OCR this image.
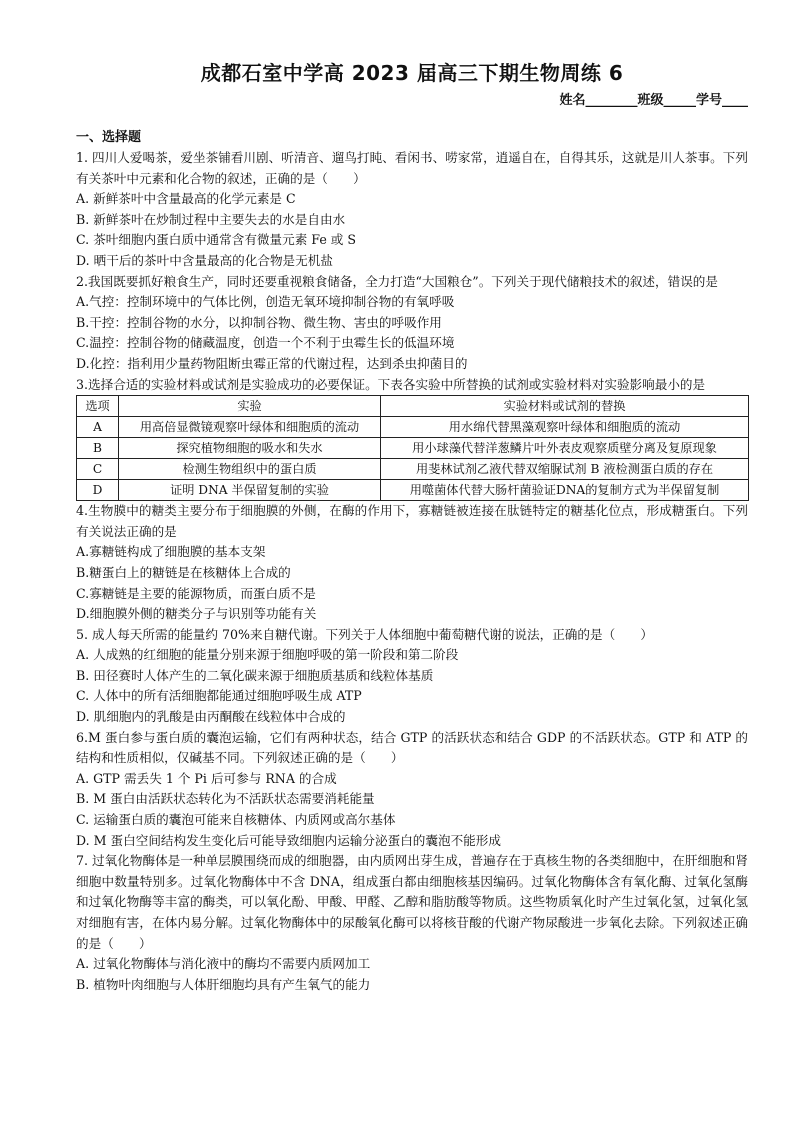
成都石室中学高 2023 届高三下期生物周练 6
姓名________班级_____学号____
一、选择题
1. 四川人爱喝茶，爱坐茶铺看川剧、听清音、遛鸟打盹、看闲书、唠家常，逍遥自在，自得其乐，这就是川人茶事。下列有关茶叶中元素和化合物的叙述，正确的是（　　）
A. 新鲜茶叶中含量最高的化学元素是 C
B. 新鲜茶叶在炒制过程中主要失去的水是自由水
C. 茶叶细胞内蛋白质中通常含有微量元素 Fe 或 S
D. 晒干后的茶叶中含量最高的化合物是无机盐
2.我国既要抓好粮食生产，同时还要重视粮食储备，全力打造“大国粮仓”。下列关于现代储粮技术的叙述，错误的是
A.气控：控制环境中的气体比例，创造无氧环境抑制谷物的有氧呼吸
B.干控：控制谷物的水分，以抑制谷物、微生物、害虫的呼吸作用
C.温控：控制谷物的储藏温度，创造一个不利于虫霉生长的低温环境
D.化控：指利用少量药物阻断虫霉正常的代谢过程，达到杀虫抑菌目的
3.选择合适的实验材料或试剂是实验成功的必要保证。下表各实验中所替换的试剂或实验材料对实验影响最小的是
选项	实验	实验材料或试剂的替换
A	用高倍显微镜观察叶绿体和细胞质的流动	用水绵代替黑藻观察叶绿体和细胞质的流动
B	探究植物细胞的吸水和失水	用小球藻代替洋葱鳞片叶外表皮观察质壁分离及复原现象
C	检测生物组织中的蛋白质	用斐林试剂乙液代替双缩脲试剂 B 液检测蛋白质的存在
D	证明 DNA 半保留复制的实验	用噬菌体代替大肠杆菌验证DNA的复制方式为半保留复制
4.生物膜中的糖类主要分布于细胞膜的外侧，在酶的作用下，寡糖链被连接在肽链特定的糖基化位点，形成糖蛋白。下列有关说法正确的是
A.寡糖链构成了细胞膜的基本支架
B.糖蛋白上的糖链是在核糖体上合成的
C.寡糖链是主要的能源物质，而蛋白质不是
D.细胞膜外侧的糖类分子与识别等功能有关
5. 成人每天所需的能量约 70%来自糖代谢。下列关于人体细胞中葡萄糖代谢的说法，正确的是（　　）
A. 人成熟的红细胞的能量分别来源于细胞呼吸的第一阶段和第二阶段
B. 田径赛时人体产生的二氧化碳来源于细胞质基质和线粒体基质
C. 人体中的所有活细胞都能通过细胞呼吸生成 ATP
D. 肌细胞内的乳酸是由丙酮酸在线粒体中合成的
6.M 蛋白参与蛋白质的囊泡运输，它们有两种状态，结合 GTP 的活跃状态和结合 GDP 的不活跃状态。GTP 和 ATP 的结构和性质相似，仅碱基不同。下列叙述正确的是（　　）
A. GTP 需丢失 1 个 Pi 后可参与 RNA 的合成
B. M 蛋白由活跃状态转化为不活跃状态需要消耗能量
C. 运输蛋白质的囊泡可能来自核糖体、内质网或高尔基体
D. M 蛋白空间结构发生变化后可能导致细胞内运输分泌蛋白的囊泡不能形成
7. 过氧化物酶体是一种单层膜围绕而成的细胞器，由内质网出芽生成，普遍存在于真核生物的各类细胞中，在肝细胞和肾细胞中数量特别多。过氧化物酶体中不含 DNA，组成蛋白都由细胞核基因编码。过氧化物酶体含有氧化酶、过氧化氢酶和过氧化物酶等丰富的酶类，可以氧化酚、甲酸、甲醛、乙醇和脂肪酸等物质。这些物质氧化时产生过氧化氢，过氧化氢对细胞有害，在体内易分解。过氧化物酶体中的尿酸氧化酶可以将核苷酸的代谢产物尿酸进一步氧化去除。下列叙述正确的是（　　）
A. 过氧化物酶体与消化液中的酶均不需要内质网加工
B. 植物叶肉细胞与人体肝细胞均具有产生氧气的能力
